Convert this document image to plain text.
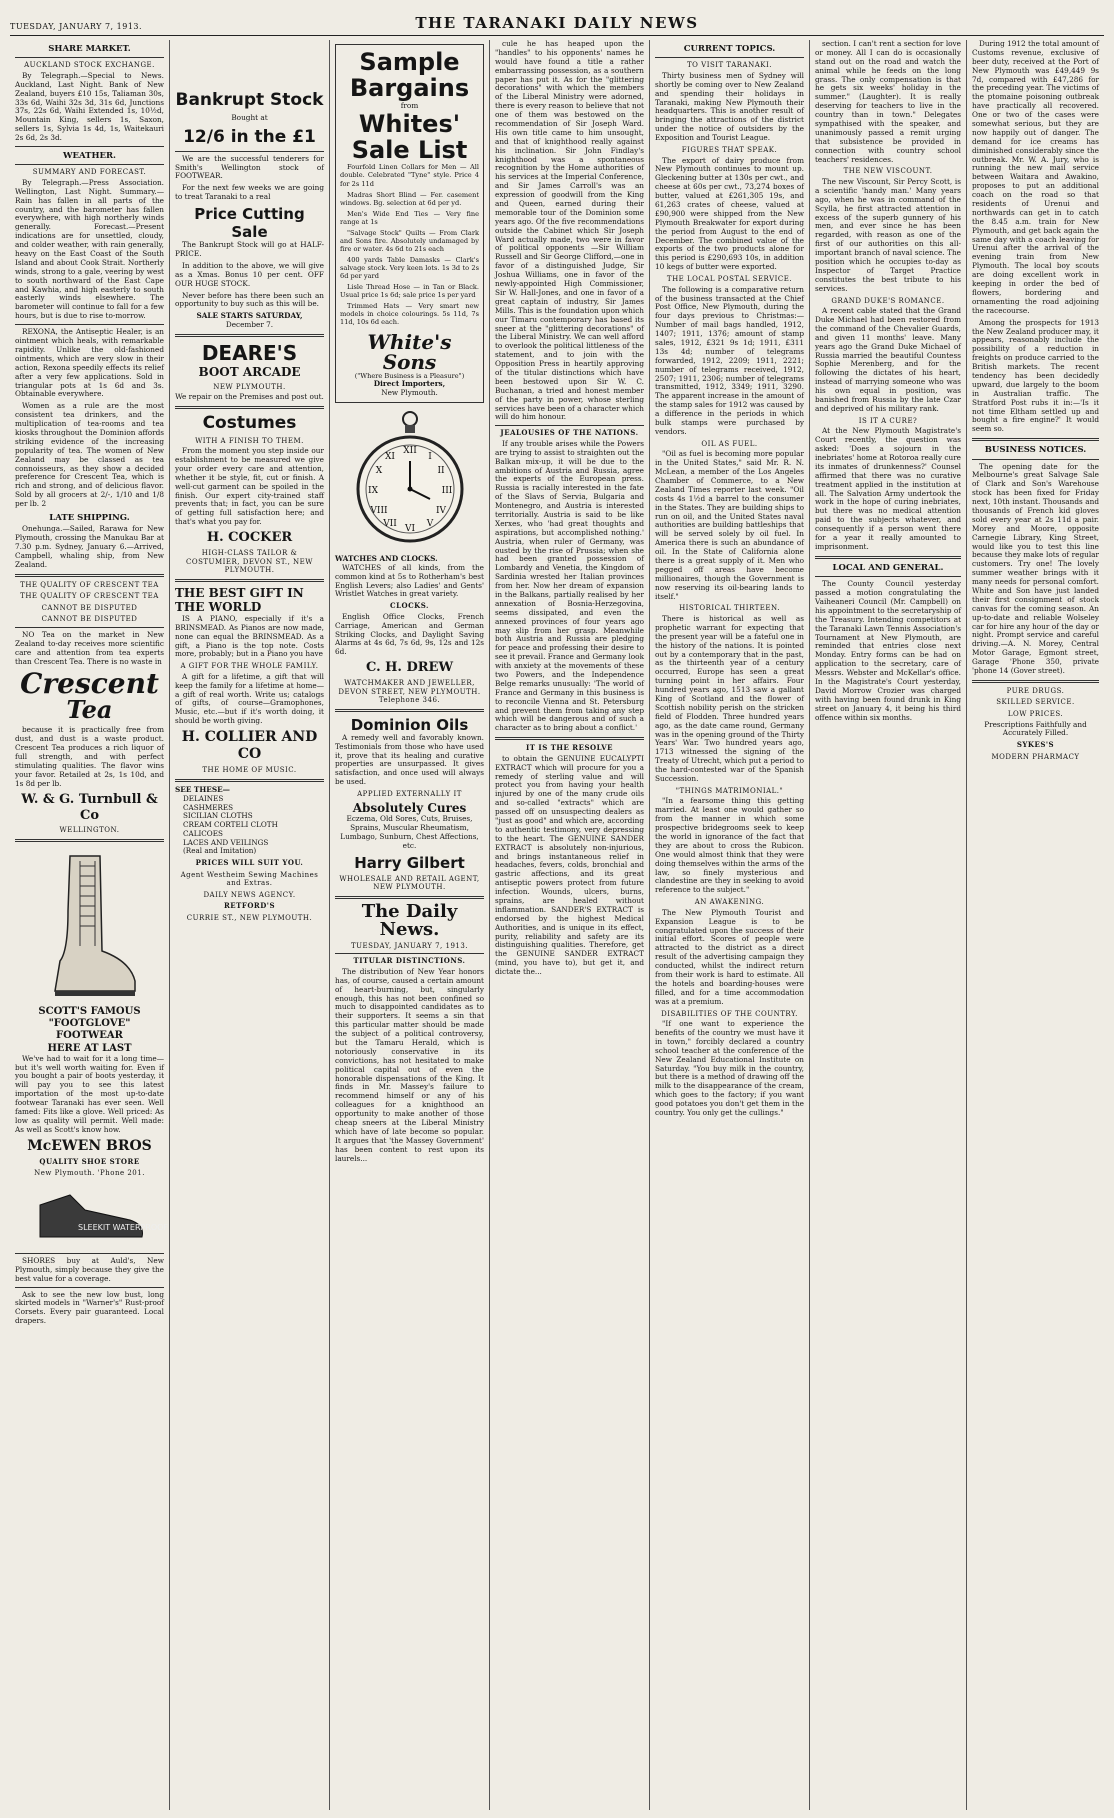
TUESDAY, JANUARY 7, 1913.	THE TARANAKI DAILY NEWS
SHARE MARKET.
AUCKLAND STOCK EXCHANGE.

By Telegraph.—Special to News. Auckland, Last Night. Bank of New Zealand, buyers £10 15s, Taliaman 30s, 33s 6d, Waihi 32s 3d, 31s 6d, Junctions 37s, 22s 6d, Waihi Extended 1s, 10½d, Mountain King, sellers 1s, Saxon, sellers 1s, Sylvia 1s 4d, 1s, Waitekauri 2s 6d, 2s 3d.

WEATHER.
SUMMARY AND FORECAST.

By Telegraph.—Press Association. Wellington, Last Night. Summary.—Rain has fallen in all parts of the country, and the barometer has fallen everywhere, with high northerly winds generally. Forecast.—Present indications are for unsettled, cloudy, and colder weather, with rain generally, heavy on the East Coast of the South Island and about Cook Strait. Northerly winds, strong to a gale, veering by west to south northward of the East Cape and Kawhia, and high easterly to south easterly winds elsewhere. The barometer will continue to fall for a few hours, but is due to rise to-morrow.

REXONA, the Antiseptic Healer, is an ointment which heals, with remarkable rapidity. Unlike the old-fashioned ointments, which are very slow in their action, Rexona speedily effects its relief after a very few applications. Sold in triangular pots at 1s 6d and 3s. Obtainable everywhere.

Women as a rule are the most consistent tea drinkers, and the multiplication of tea-rooms and tea kiosks throughout the Dominion affords striking evidence of the increasing popularity of tea. The women of New Zealand may be classed as tea connoisseurs, as they show a decided preference for Crescent Tea, which is rich and strong, and of delicious flavor. Sold by all grocers at 2/-, 1/10 and 1/8 per lb. 2

LATE SHIPPING.

Onehunga.—Sailed, Rarawa for New Plymouth, crossing the Manukau Bar at 7.30 p.m. Sydney, January 6.—Arrived, Campbell, whaling ship, from New Zealand.

THE QUALITY OF CRESCENT TEA
THE QUALITY OF CRESCENT TEA
CANNOT BE DISPUTED
CANNOT BE DISPUTED

NO Tea on the market in New Zealand to-day receives more scientific care and attention from tea experts than Crescent Tea. There is no waste in

Crescent
Tea

because it is practically free from dust, and dust is a waste product. Crescent Tea produces a rich liquor of full strength, and with perfect stimulating qualities. The flavor wins your favor. Retailed at 2s, 1s 10d, and 1s 8d per lb.

W. & G. Turnbull & Co
WELLINGTON.
SCOTT'S FAMOUS
"FOOTGLOVE" FOOTWEAR
HERE AT LAST

We've had to wait for it a long time—but it's well worth waiting for. Even if you bought a pair of boots yesterday, it will pay you to see this latest importation of the most up-to-date footwear Taranaki has ever seen. Well famed: Fits like a glove. Well priced: As low as quality will permit. Well made: As well as Scott's know how.

McEWEN BROS
QUALITY SHOE STORE
New Plymouth. 'Phone 201.
SLEEKIT WATERPROOF

SHORES buy at Auld's, New Plymouth, simply because they give the best value for a coverage.

Ask to see the new low bust, long skirted models in "Warner's" Rust-proof Corsets. Every pair guaranteed. Local drapers.

Bankrupt Stock
Bought at
12/6 in the £1

We are the successful tenderers for Smith's Wellington stock of FOOTWEAR.

For the next few weeks we are going to treat Taranaki to a real

Price Cutting Sale

The Bankrupt Stock will go at HALF-PRICE.

In addition to the above, we will give as a Xmas. Bonus 10 per cent. OFF OUR HUGE STOCK.

Never before has there been such an opportunity to buy such as this will be.

SALE STARTS SATURDAY,
December 7.
DEARE'S
BOOT ARCADE
NEW PLYMOUTH.

We repair on the Premises and post out.

Costumes
WITH A FINISH TO THEM.

From the moment you step inside our establishment to be measured we give your order every care and attention, whether it be style, fit, cut or finish. A well-cut garment can be spoiled in the finish. Our expert city-trained staff prevents that; in fact, you can be sure of getting full satisfaction here; and that's what you pay for.

H. COCKER
HIGH-CLASS TAILOR & COSTUMIER, DEVON ST., NEW PLYMOUTH.
THE BEST GIFT IN THE WORLD

IS A PIANO, especially if it's a BRINSMEAD. As Pianos are now made, none can equal the BRINSMEAD. As a gift, a Piano is the top note. Costs more, probably; but in a Piano you have

A GIFT FOR THE WHOLE FAMILY.

A gift for a lifetime, a gift that will keep the family for a lifetime at home—a gift of real worth. Write us; catalogs of gifts, of course—Gramophones, Music, etc.—but if it's worth doing, it should be worth giving.

H. COLLIER AND CO
THE HOME OF MUSIC.
SEE THESE—
DELAINES
CASHMERES
SICILIAN CLOTHS
CREAM CORTELI CLOTH
CALICOES
LACES AND VEILINGS
(Real and Imitation)
PRICES WILL SUIT YOU.
Agent Westheim Sewing Machines and Extras.
DAILY NEWS AGENCY.
RETFORD'S
CURRIE ST., NEW PLYMOUTH.
Sample
Bargains
from
Whites'
Sale List

Fourfold Linen Collars for Men — All double. Celebrated "Tyne" style. Price 4 for 2s 11d

Madras Short Blind — Fer. casement windows. Bg. selection at 6d per yd.

Men's Wide End Ties — Very fine range at 1s

"Salvage Stock" Quilts — From Clark and Sons fire. Absolutely undamaged by fire or water. 4s 6d to 21s each

400 yards Table Damasks — Clark's salvage stock. Very keen lots. 1s 3d to 2s 6d per yard

Lisle Thread Hose — in Tan or Black. Usual price 1s 6d; sale price 1s per yard

Trimmed Hats — Very smart new models in choice colourings. 5s 11d, 7s 11d, 10s 6d each.

White's Sons
("Where Business is a Pleasure")
Direct Importers,
New Plymouth.
XII
III
VI
IX
I
II
IV
V
VII
VIII
X
XI
WATCHES AND CLOCKS.

WATCHES of all kinds, from the common kind at 5s to Rotherham's best English Levers; also Ladies' and Gents' Wristlet Watches in great variety.

CLOCKS.

English Office Clocks, French Carriage, American and German Striking Clocks, and Daylight Saving Alarms at 4s 6d, 7s 6d, 9s, 12s and 12s 6d.

C. H. DREW
WATCHMAKER AND JEWELLER, DEVON STREET, NEW PLYMOUTH. Telephone 346.
Dominion Oils

A remedy well and favorably known. Testimonials from those who have used it, prove that its healing and curative properties are unsurpassed. It gives satisfaction, and once used will always be used.

APPLIED EXTERNALLY IT
Absolutely Cures

Eczema, Old Sores, Cuts, Bruises, Sprains, Muscular Rheumatism, Lumbago, Sunburn, Chest Affections, etc.

Harry Gilbert
WHOLESALE AND RETAIL AGENT, NEW PLYMOUTH.
The Daily News.
TUESDAY, JANUARY 7, 1913.
TITULAR DISTINCTIONS.

The distribution of New Year honors has, of course, caused a certain amount of heart-burning, but, singularly enough, this has not been confined so much to disappointed candidates as to their supporters. It seems a sin that this particular matter should be made the subject of a political controversy, but the Tamaru Herald, which is notoriously conservative in its convictions, has not hesitated to make political capital out of even the honorable dispensations of the King. It finds in Mr. Massey's failure to recommend himself or any of his colleagues for a knighthood an opportunity to make another of those cheap sneers at the Liberal Ministry which have of late become so popular. It argues that 'the Massey Government' has been content to rest upon its laurels...

cule he has heaped upon the "handles" to his opponents' names he would have found a title a rather embarrassing possession, as a southern paper has put it. As for the "glittering decorations" with which the members of the Liberal Ministry were adorned, there is every reason to believe that not one of them was bestowed on the recommendation of Sir Joseph Ward. His own title came to him unsought, and that of knighthood really against his inclination. Sir John Findlay's knighthood was a spontaneous recognition by the Home authorities of his services at the Imperial Conference, and Sir James Carroll's was an expression of goodwill from the King and Queen, earned during their memorable tour of the Dominion some years ago. Of the five recommendations outside the Cabinet which Sir Joseph Ward actually made, two were in favor of political opponents —Sir William Russell and Sir George Clifford,—one in favor of a distinguished Judge, Sir Joshua Williams, one in favor of the newly-appointed High Commissioner, Sir W. Hall-Jones, and one in favor of a great captain of industry, Sir James Mills. This is the foundation upon which our Timaru contemporary has based its sneer at the "glittering decorations" of the Liberal Ministry. We can well afford to overlook the political littleness of the statement, and to join with the Opposition Press in heartily approving of the titular distinctions which have been bestowed upon Sir W. C. Buchanan, a tried and honest member of the party in power, whose sterling services have been of a character which will do him honour.

JEALOUSIES OF THE NATIONS.

If any trouble arises while the Powers are trying to assist to straighten out the Balkan mix-up, it will be due to the ambitions of Austria and Russia, agree the experts of the European press. Russia is racially interested in the fate of the Slavs of Servia, Bulgaria and Montenegro, and Austria is interested territorially. Austria is said to be like Xerxes, who 'had great thoughts and aspirations, but accomplished nothing.' Austria, when ruler of Germany, was ousted by the rise of Prussia; when she had been granted possession of Lombardy and Venetia, the Kingdom of Sardinia wrested her Italian provinces from her. Now her dream of expansion in the Balkans, partially realised by her annexation of Bosnia-Herzegovina, seems dissipated, and even the annexed provinces of four years ago may slip from her grasp. Meanwhile both Austria and Russia are pledging for peace and professing their desire to see it prevail. France and Germany look with anxiety at the movements of these two Powers, and the Independence Belge remarks unusually: 'The world of France and Germany in this business is to reconcile Vienna and St. Petersburg and prevent them from taking any step which will be dangerous and of such a character as to bring about a conflict.'

IT IS THE RESOLVE

to obtain the GENUINE EUCALYPTI EXTRACT which will procure for you a remedy of sterling value and will protect you from having your health injured by one of the many crude oils and so-called "extracts" which are passed off on unsuspecting dealers as "just as good" and which are, according to authentic testimony, very depressing to the heart. The GENUINE SANDER EXTRACT is absolutely non-injurious, and brings instantaneous relief in headaches, fevers, colds, bronchial and gastric affections, and its great antiseptic powers protect from future infection. Wounds, ulcers, burns, sprains, are healed without inflammation. SANDER'S EXTRACT is endorsed by the highest Medical Authorities, and is unique in its effect, purity, reliability and safety are its distinguishing qualities. Therefore, get the GENUINE SANDER EXTRACT (mind, you have to), but get it, and dictate the...

CURRENT TOPICS.
TO VISIT TARANAKI.

Thirty business men of Sydney will shortly be coming over to New Zealand and spending their holidays in Taranaki, making New Plymouth their headquarters. This is another result of bringing the attractions of the district under the notice of outsiders by the Exposition and Tourist League.

FIGURES THAT SPEAK.

The export of dairy produce from New Plymouth continues to mount up. Gleckening butter at 130s per cwt., and cheese at 60s per cwt., 73,274 boxes of butter, valued at £261,305 19s, and 61,263 crates of cheese, valued at £90,900 were shipped from the New Plymouth Breakwater for export during the period from August to the end of December. The combined value of the exports of the two products alone for this period is £290,693 10s, in addition 10 kegs of butter were exported.

THE LOCAL POSTAL SERVICE.

The following is a comparative return of the business transacted at the Chief Post Office, New Plymouth, during the four days previous to Christmas:—Number of mail bags handled, 1912, 1407; 1911, 1376; amount of stamp sales, 1912, £321 9s 1d; 1911, £311 13s 4d; number of telegrams forwarded, 1912, 2209; 1911, 2221; number of telegrams received, 1912, 2507; 1911, 2306; number of telegrams transmitted, 1912, 3349; 1911, 3290. The apparent increase in the amount of the stamp sales for 1912 was caused by a difference in the periods in which bulk stamps were purchased by vendors.

OIL AS FUEL.

"Oil as fuel is becoming more popular in the United States," said Mr. R. N. McLean, a member of the Los Angeles Chamber of Commerce, to a New Zealand Times reporter last week. "Oil costs 4s 1½d a barrel to the consumer in the States. They are building ships to run on oil, and the United States naval authorities are building battleships that will be served solely by oil fuel. In America there is such an abundance of oil. In the State of California alone there is a great supply of it. Men who pegged off areas have become millionaires, though the Government is now reserving its oil-bearing lands to itself."

HISTORICAL THIRTEEN.

There is historical as well as prophetic warrant for expecting that the present year will be a fateful one in the history of the nations. It is pointed out by a contemporary that in the past, as the thirteenth year of a century occurred, Europe has seen a great turning point in her affairs. Four hundred years ago, 1513 saw a gallant King of Scotland and the flower of Scottish nobility perish on the stricken field of Flodden. Three hundred years ago, as the date came round, Germany was in the opening ground of the Thirty Years' War. Two hundred years ago, 1713 witnessed the signing of the Treaty of Utrecht, which put a period to the hard-contested war of the Spanish Succession.

"THINGS MATRIMONIAL."

"In a fearsome thing this getting married. At least one would gather so from the manner in which some prospective bridegrooms seek to keep the world in ignorance of the fact that they are about to cross the Rubicon. One would almost think that they were doing themselves within the arms of the law, so finely mysterious and clandestine are they in seeking to avoid reference to the subject."

AN AWAKENING.

The New Plymouth Tourist and Expansion League is to be congratulated upon the success of their initial effort. Scores of people were attracted to the district as a direct result of the advertising campaign they conducted, whilst the indirect return from their work is hard to estimate. All the hotels and boarding-houses were filled, and for a time accommodation was at a premium.

DISABILITIES OF THE COUNTRY.

"If one want to experience the benefits of the country we must have it in town," forcibly declared a country school teacher at the conference of the New Zealand Educational Institute on Saturday. "You buy milk in the country, but there is a method of drawing off the milk to the disappearance of the cream, which goes to the factory; if you want good potatoes you don't get them in the country. You only get the cullings."

section. I can't rent a section for love or money. All I can do is occasionally stand out on the road and watch the animal while he feeds on the long grass. The only compensation is that he gets six weeks' holiday in the summer." (Laughter). It is really deserving for teachers to live in the country than in town." Delegates sympathised with the speaker, and unanimously passed a remit urging that subsistence be provided in connection with country school teachers' residences.

THE NEW VISCOUNT.

The new Viscount, Sir Percy Scott, is a scientific 'handy man.' Many years ago, when he was in command of the Scylla, he first attracted attention in excess of the superb gunnery of his men, and ever since he has been regarded, with reason as one of the first of our authorities on this all-important branch of naval science. The position which he occupies to-day as Inspector of Target Practice constitutes the best tribute to his services.

GRAND DUKE'S ROMANCE.

A recent cable stated that the Grand Duke Michael had been restored from the command of the Chevalier Guards, and given 11 months' leave. Many years ago the Grand Duke Michael of Russia married the beautiful Countess Sophie Merenberg, and for the following the dictates of his heart, instead of marrying someone who was his own equal in position, was banished from Russia by the late Czar and deprived of his military rank.

IS IT A CURE?

At the New Plymouth Magistrate's Court recently, the question was asked: 'Does a sojourn in the inebriates' home at Rotoroa really cure its inmates of drunkenness?' Counsel affirmed that there was no curative treatment applied in the institution at all. The Salvation Army undertook the work in the hope of curing inebriates, but there was no medical attention paid to the subjects whatever, and consequently if a person went there for a year it really amounted to imprisonment.

LOCAL AND GENERAL.

The County Council yesterday passed a motion congratulating the Vaiheaneri Council (Mr. Campbell) on his appointment to the secretaryship of the Treasury. Intending competitors at the Taranaki Lawn Tennis Association's Tournament at New Plymouth, are reminded that entries close next Monday. Entry forms can be had on application to the secretary, care of Messrs. Webster and McKellar's office. In the Magistrate's Court yesterday, David Morrow Crozier was charged with having been found drunk in King street on January 4, it being his third offence within six months.

During 1912 the total amount of Customs revenue, exclusive of beer duty, received at the Port of New Plymouth was £49,449 9s 7d, compared with £47,286 for the preceding year. The victims of the ptomaine poisoning outbreak have practically all recovered. One or two of the cases were somewhat serious, but they are now happily out of danger. The demand for ice creams has diminished considerably since the outbreak. Mr. W. A. Jury, who is running the new mail service between Waitara and Awakino, proposes to put an additional coach on the road so that residents of Urenui and northwards can get in to catch the 8.45 a.m. train for New Plymouth, and get back again the same day with a coach leaving for Urenui after the arrival of the evening train from New Plymouth. The local boy scouts are doing excellent work in keeping in order the bed of flowers, bordering and ornamenting the road adjoining the racecourse.

Among the prospects for 1913 the New Zealand producer may, it appears, reasonably include the possibility of a reduction in freights on produce carried to the British markets. The recent tendency has been decidedly upward, due largely to the boom in Australian traffic. The Stratford Post rubs it in:—'Is it not time Eltham settled up and bought a fire engine?' It would seem so.

BUSINESS NOTICES.

The opening date for the Melbourne's great Salvage Sale of Clark and Son's Warehouse stock has been fixed for Friday next, 10th instant. Thousands and thousands of French kid gloves sold every year at 2s 11d a pair. Morey and Moore, opposite Carnegie Library, King Street, would like you to test this line because they make lots of regular customers. Try one! The lovely summer weather brings with it many needs for personal comfort. White and Son have just landed their first consignment of stock canvas for the coming season. An up-to-date and reliable Wolseley car for hire any hour of the day or night. Prompt service and careful driving.—A. N. Morey, Central Motor Garage, Egmont street, Garage 'Phone 350, private 'phone 14 (Gover street).

PURE DRUGS.
SKILLED SERVICE.
LOW PRICES.

Prescriptions Faithfully and Accurately Filled.

SYKES'S
MODERN PHARMACY
